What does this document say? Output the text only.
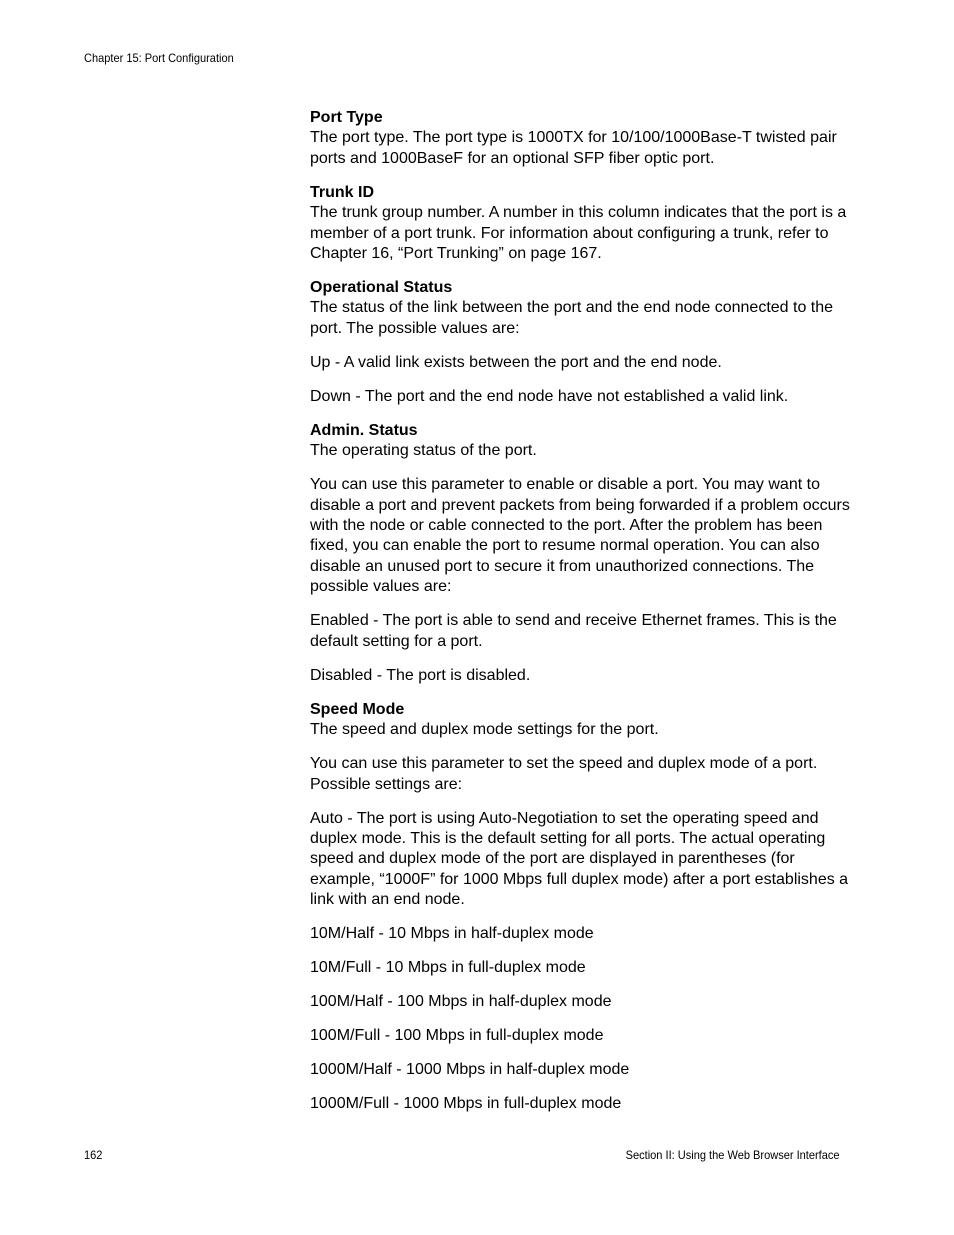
Chapter 15: Port Configuration

Port Type

The port type. The port type is 1000TX for 10/100/1000Base-T twisted pair ports and 1000BaseF for an optional SFP fiber optic port.

Trunk ID

The trunk group number. A number in this column indicates that the port is a member of a port trunk. For information about configuring a trunk, refer to Chapter 16, “Port Trunking” on page 167.

Operational Status

The status of the link between the port and the end node connected to the port. The possible values are:

Up - A valid link exists between the port and the end node.

Down - The port and the end node have not established a valid link.

Admin. Status

The operating status of the port.

You can use this parameter to enable or disable a port. You may want to disable a port and prevent packets from being forwarded if a problem occurs with the node or cable connected to the port. After the problem has been fixed, you can enable the port to resume normal operation. You can also disable an unused port to secure it from unauthorized connections. The possible values are:

Enabled - The port is able to send and receive Ethernet frames. This is the default setting for a port.

Disabled - The port is disabled.

Speed Mode

The speed and duplex mode settings for the port.

You can use this parameter to set the speed and duplex mode of a port. Possible settings are:

Auto - The port is using Auto-Negotiation to set the operating speed and duplex mode. This is the default setting for all ports. The actual operating speed and duplex mode of the port are displayed in parentheses (for example, “1000F” for 1000 Mbps full duplex mode) after a port establishes a link with an end node.

10M/Half - 10 Mbps in half-duplex mode

10M/Full - 10 Mbps in full-duplex mode

100M/Half - 100 Mbps in half-duplex mode

100M/Full - 100 Mbps in full-duplex mode

1000M/Half - 1000 Mbps in half-duplex mode

1000M/Full - 1000 Mbps in full-duplex mode

162	Section II: Using the Web Browser Interface
